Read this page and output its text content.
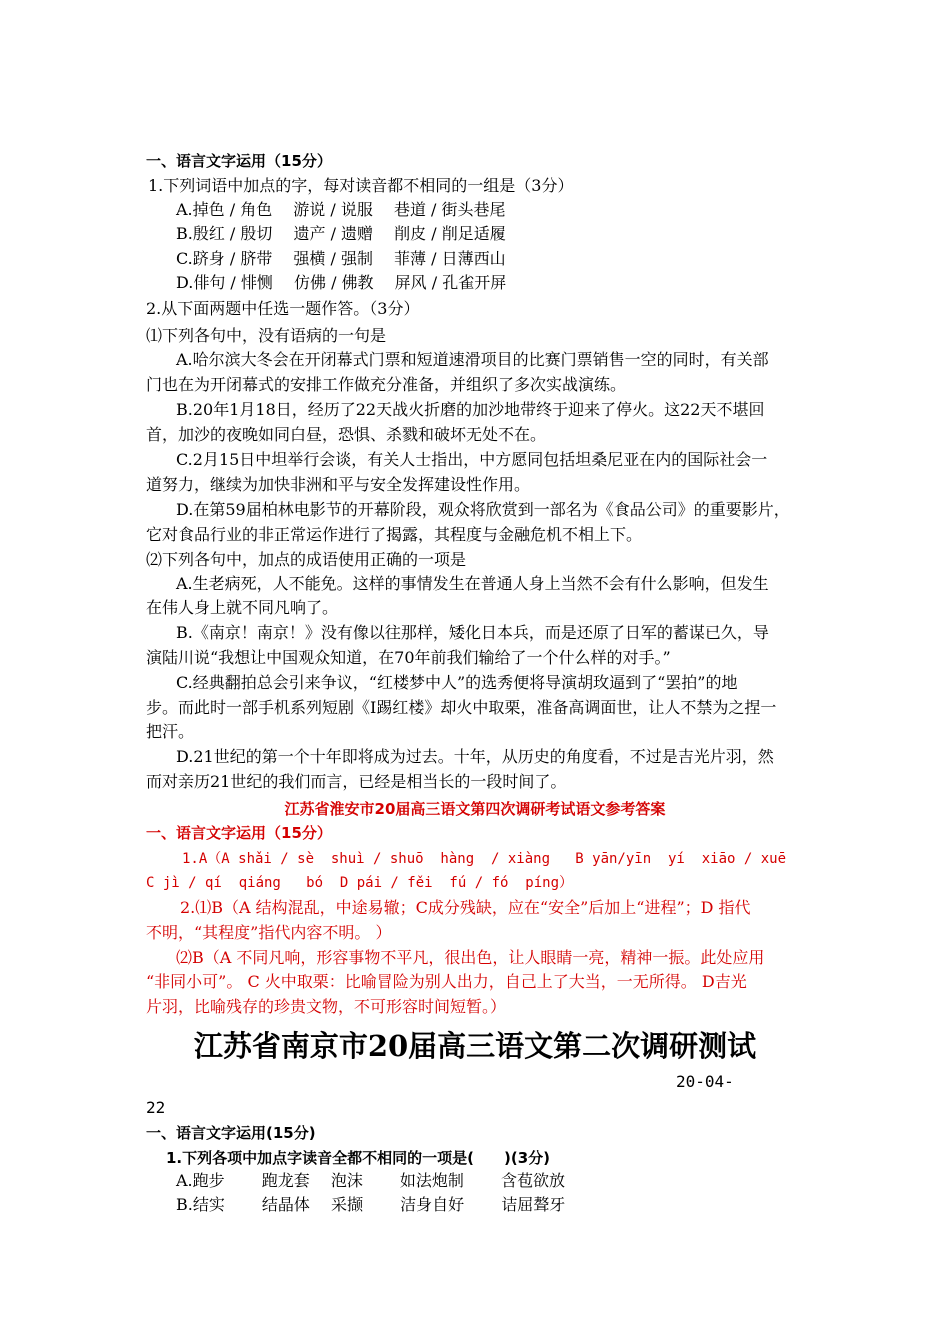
一、语言文字运用（15分）
1.下列词语中加点的字，每对读音都不相同的一组是（3分）
A.掉色 / 角色　 游说 / 说服　 巷道 / 街头巷尾
B.殷红 / 殷切　 遗产 / 遗赠　 削皮 / 削足适履
C.跻身 / 脐带　 强横 / 强制　 菲薄 / 日薄西山
D.俳句 / 悱恻　 仿佛 / 佛教　 屏风 / 孔雀开屏
2.从下面两题中任选一题作答。（3分）
⑴下列各句中，没有语病的一句是
A.哈尔滨大冬会在开闭幕式门票和短道速滑项目的比赛门票销售一空的同时，有关部
门也在为开闭幕式的安排工作做充分准备，并组织了多次实战演练。
B.20年1月18日，经历了22天战火折磨的加沙地带终于迎来了停火。这22天不堪回
首，加沙的夜晚如同白昼，恐惧、杀戮和破坏无处不在。
C.2月15日中坦举行会谈，有关人士指出，中方愿同包括坦桑尼亚在内的国际社会一
道努力，继续为加快非洲和平与安全发挥建设性作用。
D.在第59届柏林电影节的开幕阶段，观众将欣赏到一部名为《食品公司》的重要影片，
它对食品行业的非正常运作进行了揭露，其程度与金融危机不相上下。
⑵下列各句中，加点的成语使用正确的一项是
A.生老病死，人不能免。这样的事情发生在普通人身上当然不会有什么影响，但发生
在伟人身上就不同凡响了。
B.《南京！南京！》没有像以往那样，矮化日本兵，而是还原了日军的蓄谋已久，导
演陆川说“我想让中国观众知道，在70年前我们输给了一个什么样的对手。”
C.经典翻拍总会引来争议，“红楼梦中人”的选秀便将导演胡玫逼到了“罢拍”的地
步。而此时一部手机系列短剧《I踢红楼》却火中取栗，准备高调面世，让人不禁为之捏一
把汗。
D.21世纪的第一个十年即将成为过去。十年，从历史的角度看，不过是吉光片羽，然
而对亲历21世纪的我们而言，已经是相当长的一段时间了。
江苏省淮安市20届高三语文第四次调研考试语文参考答案
一、语言文字运用（15分）
1.A（A shǎi / sè  shuì / shuō  hàng  / xiàng   B yān/yīn  yí  xiāo / xuē
C jì / qí  qiáng   bó  D pái / fěi  fú / fó  píng）
2.⑴B（A 结构混乱，中途易辙；C成分残缺，应在“安全”后加上“进程”；D 指代
不明，“其程度”指代内容不明。 ）
⑵B（A 不同凡响，形容事物不平凡，很出色，让人眼睛一亮，精神一振。此处应用
“非同小可”。 C 火中取栗：比喻冒险为别人出力，自己上了大当，一无所得。 D吉光
片羽，比喻残存的珍贵文物，不可形容时间短暂。）
江苏省南京市20届高三语文第二次调研测试
20-04-
22
一、语言文字运用(15分)
1.下列各项中加点字读音全都不相同的一项是(　　)(3分)
A.跑步　　 跑龙套　 泡沫　　 如法炮制　　 含苞欲放
B.结实　　 结晶体　 采撷　　 洁身自好　　 诘屈聱牙
